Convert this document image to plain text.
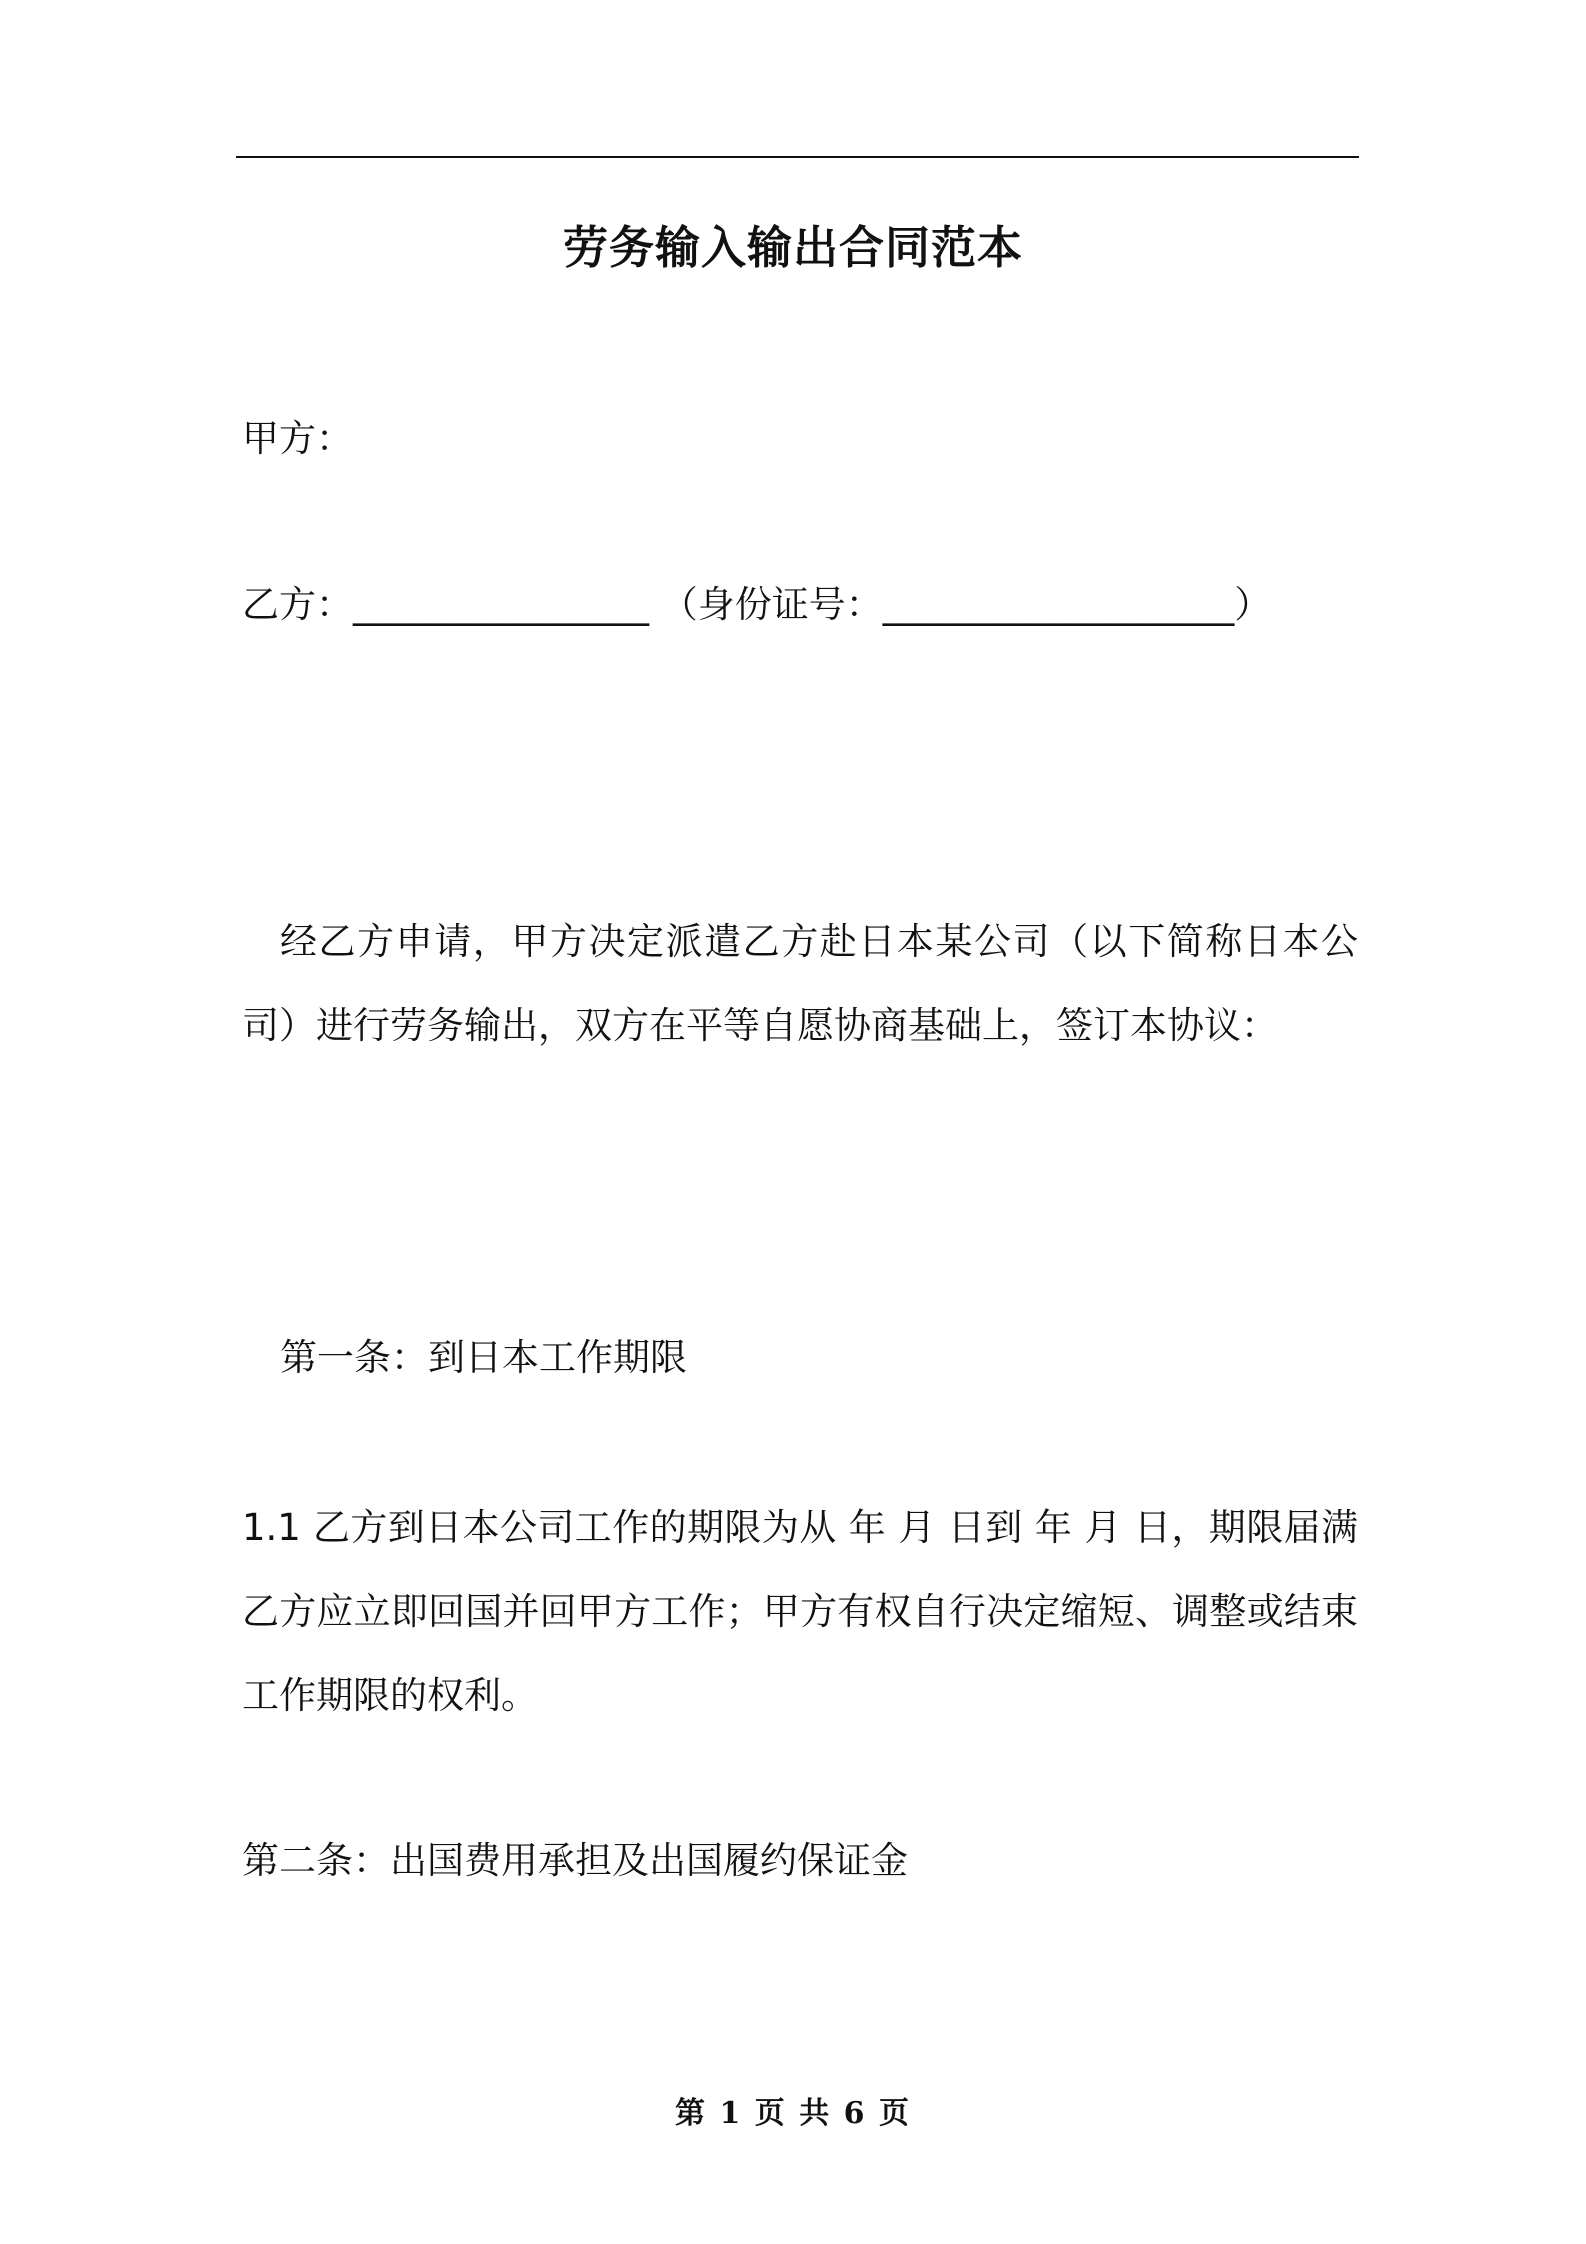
劳务输入输出合同范本
甲方：
乙方：________________ （身份证号：___________________）
经乙方申请，甲方决定派遣乙方赴日本某公司（以下简称日本公司）进行劳务输出，双方在平等自愿协商基础上，签订本协议：
第一条：到日本工作期限
1.1 乙方到日本公司工作的期限为从 年 月 日到 年 月 日，期限届满乙方应立即回国并回甲方工作；甲方有权自行决定缩短、调整或结束工作期限的权利。
第二条：出国费用承担及出国履约保证金
第 1 页 共 6 页
